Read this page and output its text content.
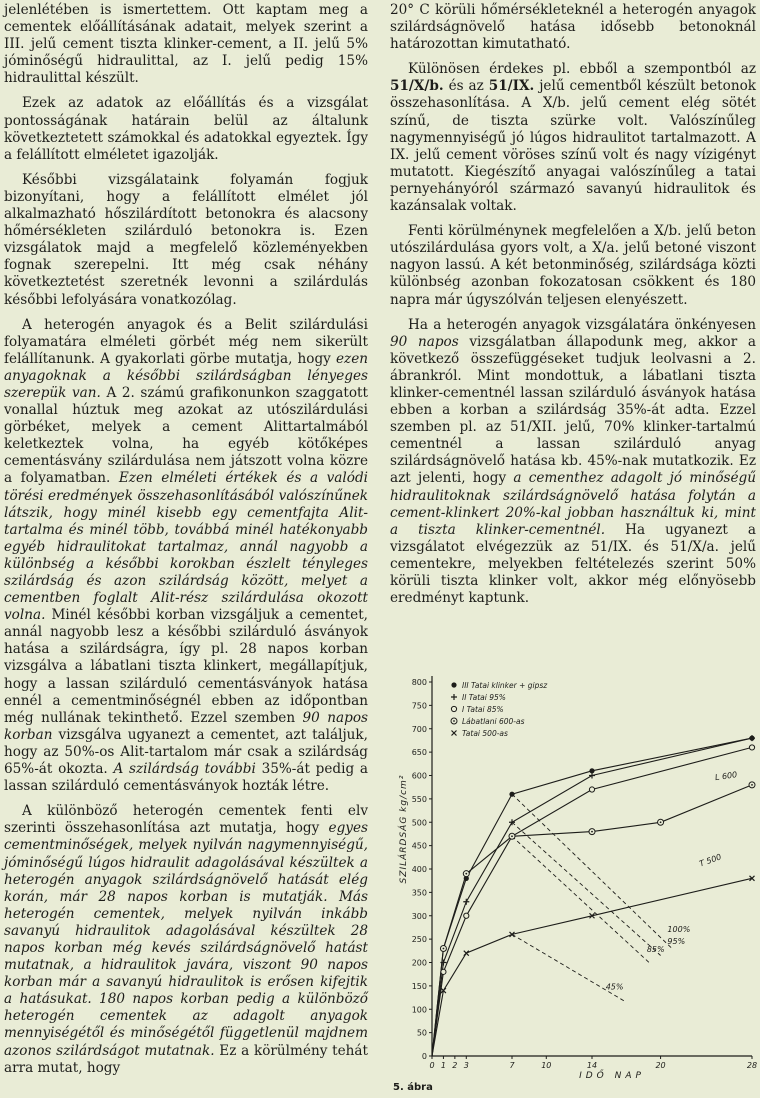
jelenlétében is ismertettem. Ott kaptam meg a cementek előállításának adatait, melyek szerint a III. jelű cement tiszta klinker-cement, a II. jelű 5% jóminőségű hidraulittal, az I. jelű pedig 15% hidraulittal készült.

Ezek az adatok az előállítás és a vizsgálat pontosságának határain belül az általunk következtetett számokkal és adatokkal egyeztek. Így a felállított elméletet igazolják.

Későbbi vizsgálataink folyamán fogjuk bizonyítani, hogy a felállított elmélet jól alkalmazható hőszilárdított betonokra és alacsony hőmérsékleten szilárduló betonokra is. Ezen vizsgálatok majd a megfelelő közleményekben fognak szerepelni. Itt még csak néhány következtetést szeretnék levonni a szilárdulás későbbi lefolyására vonatkozólag.

A heterogén anyagok és a Belit szilárdulási folyamatára elméleti görbét még nem sikerült felállítanunk. A gyakorlati görbe mutatja, hogy ezen anyagoknak a későbbi szilárdságban lényeges szerepük van. A 2. számú grafikonunkon szaggatott vonallal húztuk meg azokat az utószilárdulási görbéket, melyek a cement Alittartalmából keletkeztek volna, ha egyéb kötőképes cementásvány szilárdulása nem játszott volna közre a folyamatban. Ezen elméleti értékek és a valódi törési eredmények összehasonlításából valószínűnek látszik, hogy minél kisebb egy cementfajta Alit-tartalma és minél több, továbbá minél hatékonyabb egyéb hidraulitokat tartalmaz, annál nagyobb a különbség a későbbi korokban észlelt tényleges szilárdság és azon szilárdság között, melyet a cementben foglalt Alit-rész szilárdulása okozott volna. Minél későbbi korban vizsgáljuk a cementet, annál nagyobb lesz a későbbi szilárduló ásványok hatása a szilárdságra, így pl. 28 napos korban vizsgálva a lábatlani tiszta klinkert, megállapítjuk, hogy a lassan szilárduló cementásványok hatása ennél a cementminőségnél ebben az időpontban még nullának tekinthető. Ezzel szemben 90 napos korban vizsgálva ugyanezt a cementet, azt találjuk, hogy az 50%-os Alit-tartalom már csak a szilárdság 65%-át okozta. A szilárdság további 35%-át pedig a lassan szilárduló cementásványok hozták létre.

A különböző heterogén cementek fenti elv szerinti összehasonlítása azt mutatja, hogy egyes cementminőségek, melyek nyilván nagymennyiségű, jóminőségű lúgos hidraulit adagolásával készültek a heterogén anyagok szilárdságnövelő hatását elég korán, már 28 napos korban is mutatják. Más heterogén cementek, melyek nyilván inkább savanyú hidraulitok adagolásával készültek 28 napos korban még kevés szilárdságnövelő hatást mutatnak, a hidraulitok javára, viszont 90 napos korban már a savanyú hidraulitok is erősen kifejtik a hatásukat. 180 napos korban pedig a különböző heterogén cementek az adagolt anyagok mennyiségétől és minőségétől függetlenül majdnem azonos szilárdságot mutatnak. Ez a körülmény tehát arra mutat, hogy

20° C körüli hőmérsékleteknél a heterogén anyagok szilárdságnövelő hatása idősebb betonoknál határozottan kimutatható.

Különösen érdekes pl. ebből a szempontból az 51/X/b. és az 51/IX. jelű cementből készült betonok összehasonlítása. A X/b. jelű cement elég sötét színű, de tiszta szürke volt. Valószínűleg nagymennyiségű jó lúgos hidraulitot tartalmazott. A IX. jelű cement vöröses színű volt és nagy vízigényt mutatott. Kiegészítő anyagai valószínűleg a tatai pernyehányóról származó savanyú hidraulitok és kazánsalak voltak.

Fenti körülménynek megfelelően a X/b. jelű beton utószilárdulása gyors volt, a X/a. jelű betoné viszont nagyon lassú. A két betonminőség, szilárdsága közti különbség azonban fokozatosan csökkent és 180 napra már úgyszólván teljesen elenyészett.

Ha a heterogén anyagok vizsgálatára önkényesen 90 napos vizsgálatban állapodunk meg, akkor a következő összefüggéseket tudjuk leolvasni a 2. ábrankról. Mint mondottuk, a lábatlani tiszta klinker-cementnél lassan szilárduló ásványok hatása ebben a korban a szilárdság 35%-át adta. Ezzel szemben pl. az 51/XII. jelű, 70% klinker-tartalmú cementnél a lassan szilárduló anyag szilárdságnövelő hatása kb. 45%-nak mutatkozik. Ez azt jelenti, hogy a cementhez adagolt jó minőségű hidraulitoknak szilárdságnövelő hatása folytán a cement-klinkert 20%-kal jobban használtuk ki, mint a tiszta klinker-cementnél. Ha ugyanezt a vizsgálatot elvégezzük az 51/IX. és 51/X/a. jelű cementekre, melyekben feltételezés szerint 50% körüli tiszta klinker volt, akkor még előnyösebb eredményt kaptunk.

0
50
100
150
200
250
300
350
400
450
500
550
600
650
700
750
800
0 1 2 3	7	10	14	20	28
IDŐ NAP
SZILÁRDSÁG kg/cm²
III Tatai klinker + gipsz
II Tatai 95%
I Tatai 85%
Lábatlani 600-as
Tatai 500-as
T 500
L 600
100%
95%
85%
45%
5. ábra
